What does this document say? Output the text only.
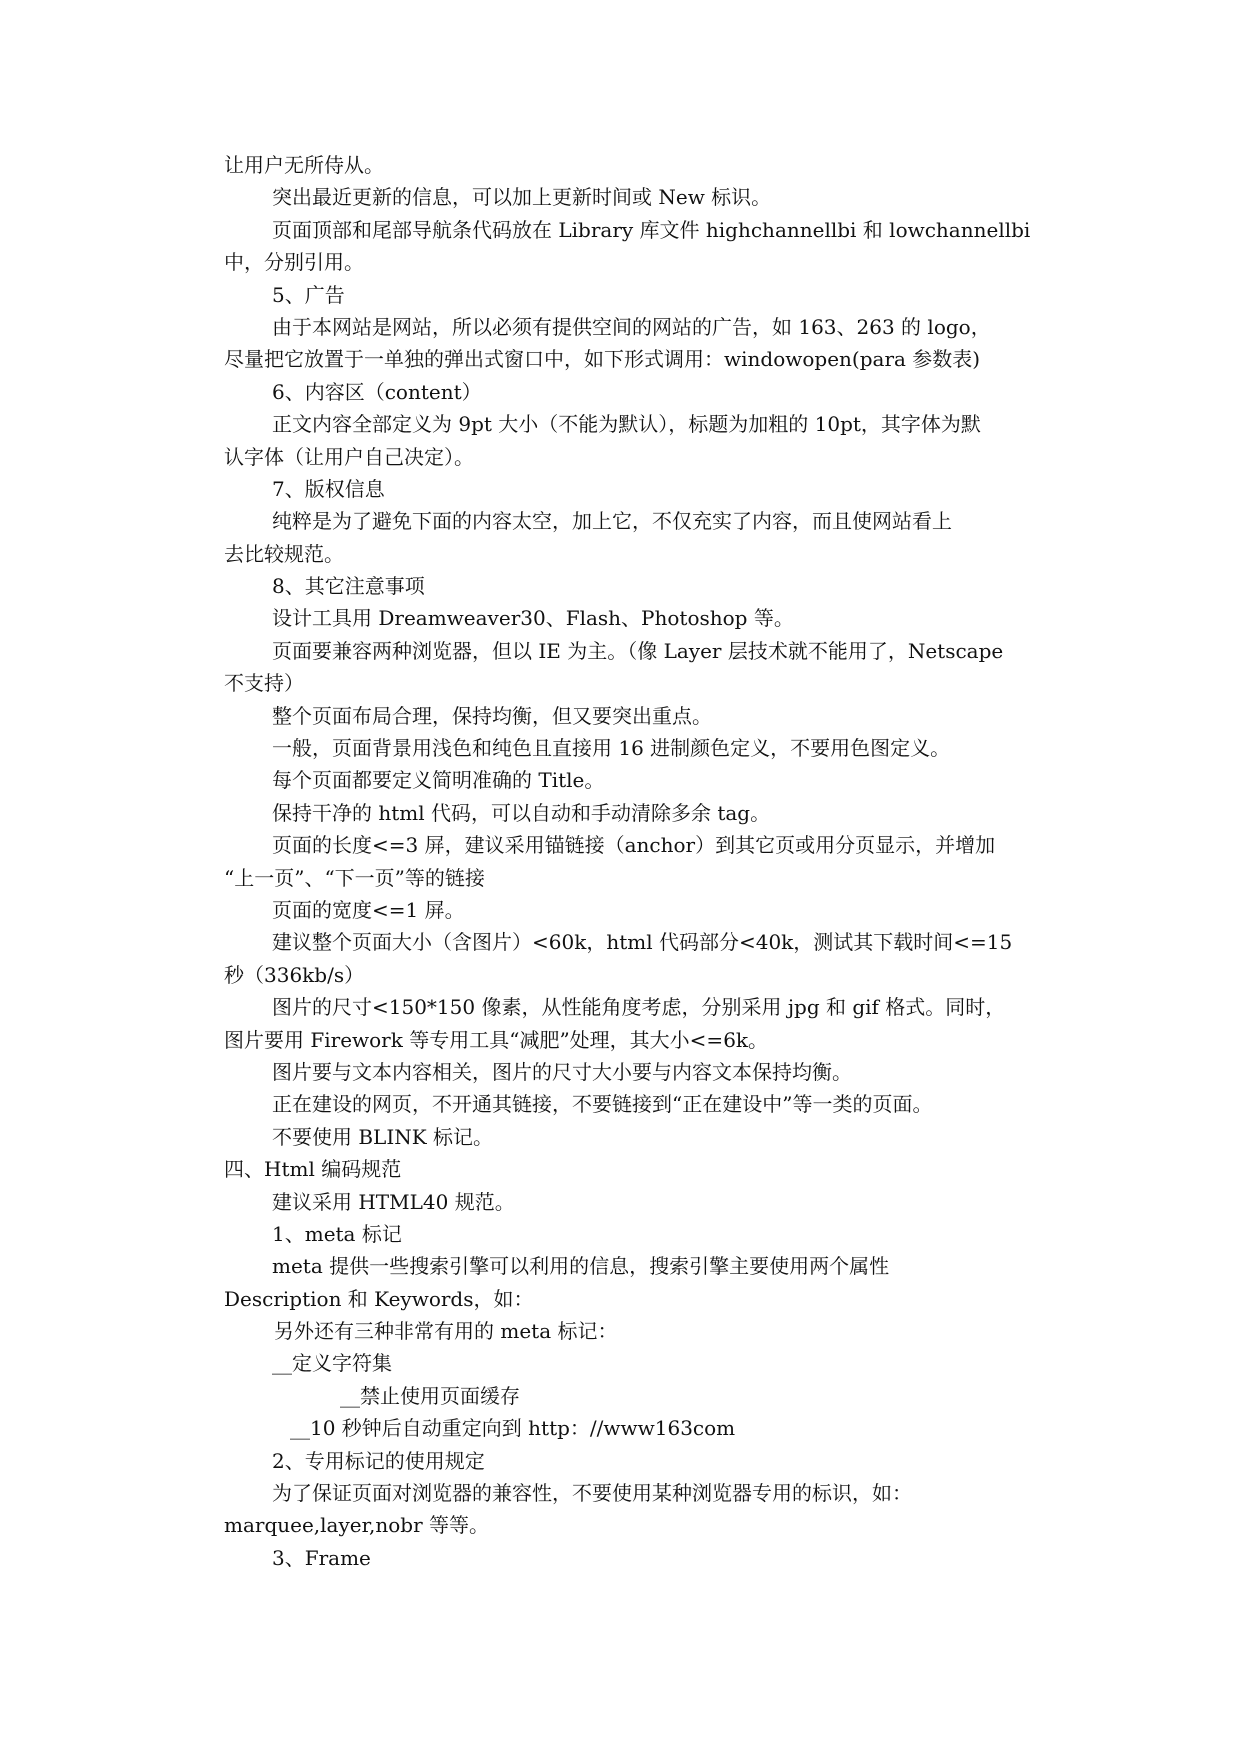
让用户无所侍从。
突出最近更新的信息，可以加上更新时间或 New 标识。
页面顶部和尾部导航条代码放在 Library 库文件 highchannellbi 和 lowchannellbi
中，分别引用。
5、广告
由于本网站是网站，所以必须有提供空间的网站的广告，如 163、263 的 logo，
尽量把它放置于一单独的弹出式窗口中，如下形式调用：windowopen(para 参数表)
6、内容区（content）
正文内容全部定义为 9pt 大小（不能为默认），标题为加粗的 10pt，其字体为默
认字体（让用户自己决定）。
7、版权信息
纯粹是为了避免下面的内容太空，加上它，不仅充实了内容，而且使网站看上
去比较规范。
8、其它注意事项
设计工具用 Dreamweaver30、Flash、Photoshop 等。
页面要兼容两种浏览器，但以 IE 为主。（像 Layer 层技术就不能用了，Netscape
不支持）
整个页面布局合理，保持均衡，但又要突出重点。
一般，页面背景用浅色和纯色且直接用 16 进制颜色定义，不要用色图定义。
每个页面都要定义简明准确的 Title。
保持干净的 html 代码，可以自动和手动清除多余 tag。
页面的长度<=3 屏，建议采用锚链接（anchor）到其它页或用分页显示，并增加
“上一页”、“下一页”等的链接
页面的宽度<=1 屏。
建议整个页面大小（含图片）<60k，html 代码部分<40k，测试其下载时间<=15
秒（336kb/s）
图片的尺寸<150*150 像素，从性能角度考虑，分别采用 jpg 和 gif 格式。同时，
图片要用 Firework 等专用工具“减肥”处理，其大小<=6k。
图片要与文本内容相关，图片的尺寸大小要与内容文本保持均衡。
正在建设的网页，不开通其链接，不要链接到“正在建设中”等一类的页面。
不要使用 BLINK 标记。
四、Html 编码规范
建议采用 HTML40 规范。
1、meta 标记
meta 提供一些搜索引擎可以利用的信息，搜索引擎主要使用两个属性
Description 和 Keywords，如：
另外还有三种非常有用的 meta 标记：
__定义字符集
__禁止使用页面缓存
__10 秒钟后自动重定向到 http：//www163com
2、专用标记的使用规定
为了保证页面对浏览器的兼容性，不要使用某种浏览器专用的标识，如：
marquee,layer,nobr 等等。
3、Frame
